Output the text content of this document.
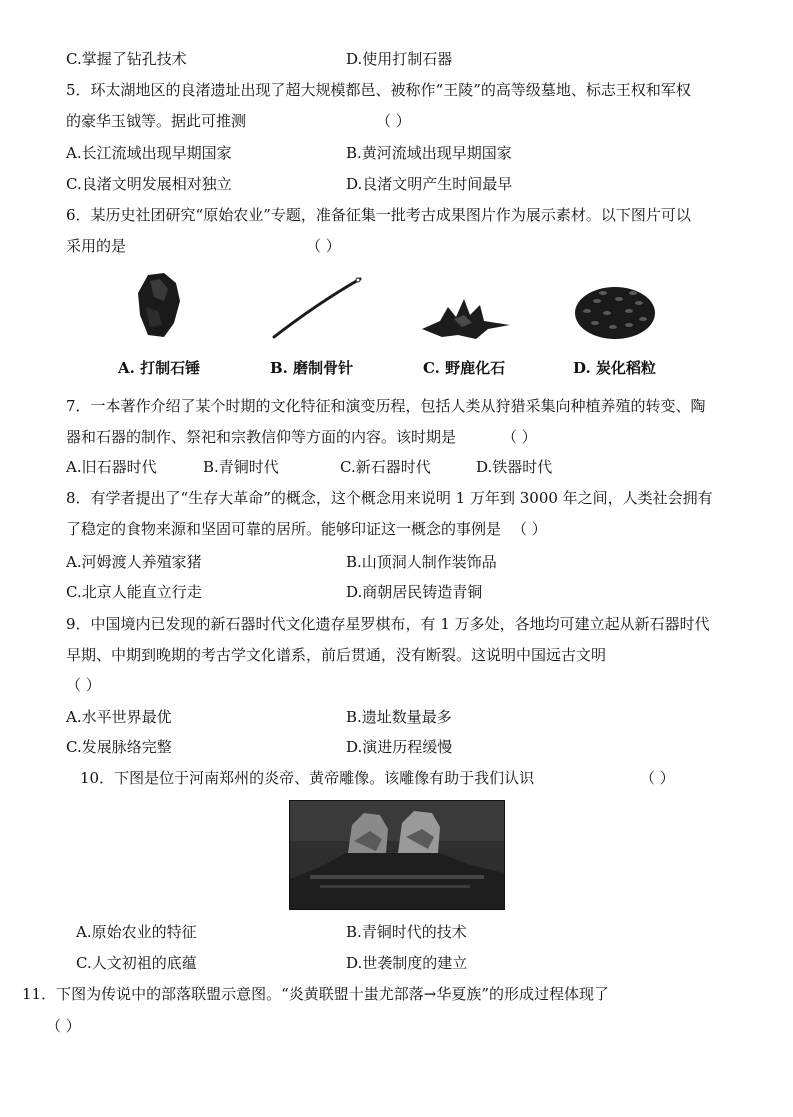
C.掌握了钻孔技术	D.使用打制石器
5．环太湖地区的良渚遗址出现了超大规模都邑、被称作“王陵”的高等级墓地、标志王权和军权
的豪华玉钺等。据此可推测	（ ）
A.长江流域出现早期国家	B.黄河流域出现早期国家
C.良渚文明发展相对独立	D.良渚文明产生时间最早
6．某历史社团研究“原始农业”专题，准备征集一批考古成果图片作为展示素材。以下图片可以
采用的是	（ ）
A. 打制石锤	B. 磨制骨针	C. 野鹿化石	D. 炭化稻粒
7．一本著作介绍了某个时期的文化特征和演变历程，包括人类从狩猎采集向种植养殖的转变、陶
器和石器的制作、祭祀和宗教信仰等方面的内容。该时期是	（ ）
A.旧石器时代	B.青铜时代	C.新石器时代	D.铁器时代
8．有学者提出了“生存大革命”的概念，这个概念用来说明 1 万年到 3000 年之间，人类社会拥有
了稳定的食物来源和坚固可靠的居所。能够印证这一概念的事例是 （ ）
A.河姆渡人养殖家猪	B.山顶洞人制作装饰品
C.北京人能直立行走	D.商朝居民铸造青铜
9．中国境内已发现的新石器时代文化遗存星罗棋布，有 1 万多处，各地均可建立起从新石器时代
早期、中期到晚期的考古学文化谱系，前后贯通，没有断裂。这说明中国远古文明
（ ）
A.水平世界最优	B.遗址数量最多
C.发展脉络完整	D.演进历程缓慢
10．下图是位于河南郑州的炎帝、黄帝雕像。该雕像有助于我们认识	（ ）
A.原始农业的特征	B.青铜时代的技术
C.人文初祖的底蕴	D.世袭制度的建立
11．下图为传说中的部落联盟示意图。“炎黄联盟十蚩尤部落→华夏族”的形成过程体现了
（ ）
